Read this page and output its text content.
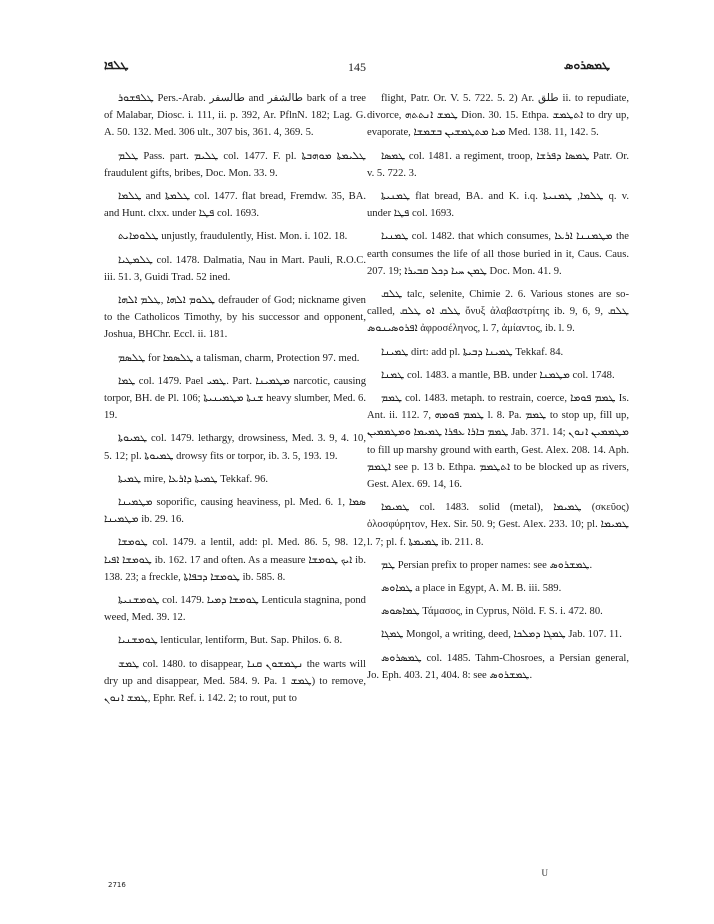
ܛܠܦܐ	145	ܛܡܣܪܘܣ

ܛܠܦܫܘܪ Pers.-Arab. طالسفر and طالشفر bark of a tree of Malabar, Diosc. i. 111, ii. p. 392, Ar. PflnN. 182; Lag. G. A. 50. 132. Med. 306 ult., 307 bis, 361. 4, 369. 5.

ܛܠܡ Pass. part. ܛܠܝܡ col. 1477. F. pl. ܛܠܝܡܬܐ ܡܘܗܒܬܐ fraudulent gifts, bribes, Doc. Mon. 33. 9.

ܛܠܡܐ and ܛܠܡܬܐ col. 1477. flat bread, Fremdw. 35, BA. and Hunt. clxx. under ܦܛܐ col. 1693.

ܛܠܘܡܐܝܬ unjustly, fraudulently, Hist. Mon. i. 102. 18.

ܛܠܡܛܝܐ col. 1478. Dalmatia, Nau in Mart. Pauli, R.O.C. iii. 51. 3, Guidi Trad. 52 ined.

ܛܠܘܡ ܐܠܗܐ ,ܛܠܡ ܐܠܗܐ defrauder of God; nickname given to the Catholicos Timothy, by his successor and opponent, Joshua, BHChr. Eccl. ii. 181.

ܛܠܣܡ for ܛܠܣܡܐ a talisman, charm, Protection 97. med.

ܛܡܐ col. 1479. Pael ܛܡܝ. Part. ܡܛܡܝܢܐ narcotic, causing torpor, BH. de Pl. 106; ܫܢܬܐ ܡܛܡܝܢܝܬܐ heavy slumber, Med. 6. 19.

ܛܡܝܘܬܐ col. 1479. lethargy, drowsiness, Med. 3. 9, 4. 10, 5. 12; pl. ܛܡܝܘܬܐ drowsy fits or torpor, ib. 3. 5, 193. 19.

ܛܡܝܬܐ mire, ܛܡܝܬܐ ܕܐܪܥܐ Tekkaf. 96.

ܡܛܡܝܢܐ soporific, causing heaviness, pl. Med. 6. 1, ܣܡܐ ܡܛܡܝܢܐ ib. 29. 16.

ܛܘܡܫܐ col. 1479. a lentil, add: pl. Med. 86. 5, 98. 12, ܛܘܡܫܐ ܐܦܝܐ ib. 162. 17 and often. As a measure ܐܝܟ ܛܘܡܫܐ ib. 138. 23; a freckle, ܛܘܡܫܐ ܕܒܦܐܬܐ ib. 585. 8.

ܛܘܡܫܢܝܬܐ col. 1479. ܛܘܡܫܐ ܕܡܝܐ Lenticula stagnina, pond weed, Med. 39. 12.

ܛܘܡܫܢܝܐ lenticular, lentiform, But. Sap. Philos. 6. 8.

ܛܡܫ col. 1480. to disappear, ܢܛܡܫܘܢ ܩܢܐ the warts will dry up and disappear, Med. 584. 9. Pa. ܛܡܫ 1) to remove, ܛܡܫ ܐܢܘܢ, Ephr. Ref. i. 142. 2; to rout, put to

flight, Patr. Or. V. 5. 722. 5. 2) Ar. طلق ii. to repudiate, divorce, ܛܡܫ ܐܢܬܬܗ Dion. 30. 15. Ethpa. ܐܬܛܡܫ to dry up, evaporate, ܡܝܐ ܡܬܛܡܫܝܢ ܒܫܡܫܐ Med. 138. 11, 142. 5.

ܛܡܣܐ col. 1481. a regiment, troop, ܛܡܣܐ ܕܦܪܫܐ Patr. Or. v. 5. 722. 3.

ܛܡܢܝܬܐ flat bread, BA. and K. i.q. ܛܠܡܐ, ܛܡܢܝܬܐ q. v. under ܦܛܐ col. 1693.

ܛܡܢܝܐ col. 1482. that which consumes, ܡܛܡܢܢܐ ܐܪܥܐ the earth consumes the life of all those buried in it, Caus. Caus. 207. 19; ܛܡܢ ܚܝܐ ܕܟܠ ܩܒܝܪܐ Doc. Mon. 41. 9.

ܛܠܩ talc, selenite, Chimie 2. 6. Various stones are so-called, ܛܠܩ ܐܘ ܛܠܩ ὄνυξ ἀλαβαστρίτης ib. 9, 6, 9, ܛܠܩ ܐܦܪܘܣܝܢܘܣ ἀφροσέληνος, l. 7, ἀμίαντος, ib. l. 9.

ܛܡܝܢܐ dirt: add pl. ܛܡܝܢܐ ܕܒܝܬܐ Tekkaf. 84.

ܛܡܢܐ col. 1483. a mantle, BB. under ܡܛܡܢܐ col. 1748.

ܛܡܡ col. 1483. metaph. to restrain, coerce, ܛܡܡ ܦܘܡܐ Is. Ant. ii. 112. 7, ܛܡܡ ܦܘܡܗ l. 8. Pa. ܛܡܡ to stop up, fill up, ܛܡܡ ܒܐܪܐ ܥܦܪܐ ܛܡܝܡܐ ܘܡܛܡܡܝܢ Jab. 371. 14; ܡܛܡܡܝܢ ܐܢܘܢ to fill up marshy ground with earth, Gest. Alex. 208. 14. Aph. ܐܛܡܡ see p. 13 b. Ethpa. ܐܬܛܡܡ to be blocked up as rivers, Gest. Alex. 69. 14, 16.

ܛܡܝܡܐ col. 1483. solid (metal), ܛܡܝܡܐ (σκεῦος) ὁλοσφύρητον, Hex. Sir. 50. 9; Gest. Alex. 233. 10; pl. ܛܡܝܡܐ l. 7; pl. f. ܛܡܝܡܬܐ ib. 211. 8.

ܛܡ Persian prefix to proper names: see ܛܡܫܪܘܣ.

ܛܡܐܘܣ a place in Egypt, A. M. B. iii. 589.

ܛܡܐܣܘܣ Τάμασος, in Cyprus, Nöld. F. S. i. 472. 80.

ܛܡܓܐ Mongol, a writing, deed, ܛܡܓܐ ܕܡܠܟܐ Jab. 107. 11.

ܛܡܣܪܘܣ col. 1485. Tahm-Chosroes, a Persian general, Jo. Eph. 403. 21, 404. 8: see ܛܡܫܪܘܣ.

2716
U
